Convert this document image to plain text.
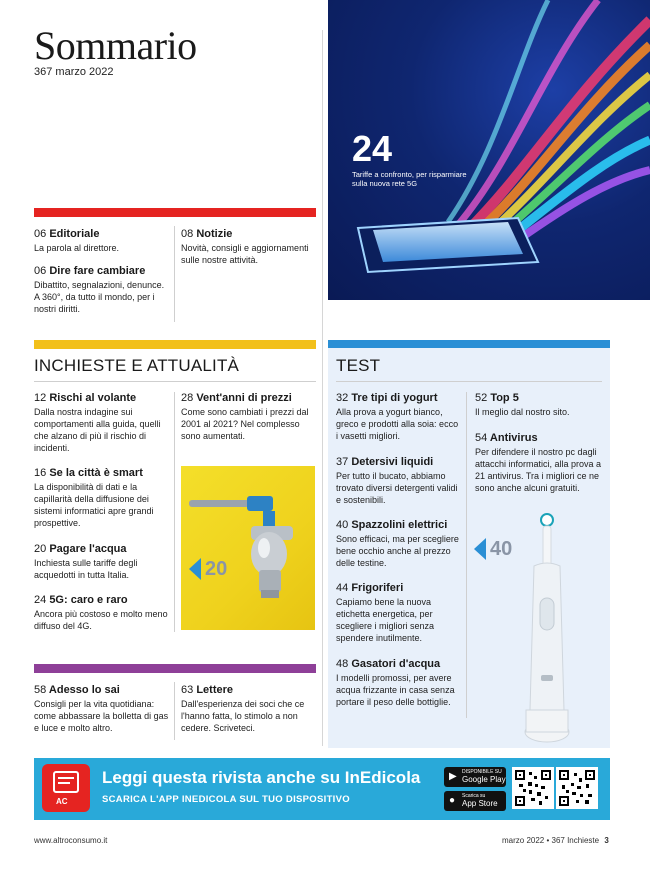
Sommario
367 marzo 2022
24
Tariffe a confronto, per risparmiare sulla nuova rete 5G
06 Editoriale
La parola al direttore.
06 Dire fare cambiare
Dibattito, segnalazioni, denunce. A 360°, da tutto il mondo, per i nostri diritti.
08 Notizie
Novità, consigli e aggiornamenti sulle nostre attività.
INCHIESTE E ATTUALITÀ
12 Rischi al volante
Dalla nostra indagine sui comportamenti alla guida, quelli che alzano di più il rischio di incidenti.
16 Se la città è smart
La disponibilità di dati e la capillarità della diffusione dei sistemi informatici apre grandi prospettive.
20 Pagare l'acqua
Inchiesta sulle tariffe degli acquedotti in tutta Italia.
24 5G: caro e raro
Ancora più costoso e molto meno diffuso del 4G.
28 Vent'anni di prezzi
Come sono cambiati i prezzi dal 2001 al 2021? Nel complesso sono aumentati.
20
TEST
32 Tre tipi di yogurt
Alla prova a yogurt bianco, greco e prodotti alla soia: ecco i vasetti migliori.
37 Detersivi liquidi
Per tutto il bucato, abbiamo trovato diversi detergenti validi e sostenibili.
40 Spazzolini elettrici
Sono efficaci, ma per scegliere bene occhio anche al prezzo delle testine.
44 Frigoriferi
Capiamo bene la nuova etichetta energetica, per scegliere i migliori senza spendere inutilmente.
48 Gasatori d'acqua
I modelli promossi, per avere acqua frizzante in casa senza portare il peso delle bottiglie.
52 Top 5
Il meglio dal nostro sito.
54 Antivirus
Per difendere il nostro pc dagli attacchi informatici, alla prova a 21 antivirus. Tra i migliori ce ne sono anche alcuni gratuiti.
40
58 Adesso lo sai
Consigli per la vita quotidiana: come abbassare la bolletta di gas e luce e molto altro.
63 Lettere
Dall'esperienza dei soci che ce l'hanno fatta, lo stimolo a non cedere. Scriveteci.
AC
Leggi questa rivista anche su InEdicola
SCARICA L'APP INEDICOLA SUL TUO DISPOSITIVO
▶ DISPONIBILE SU
Google Play
● Scarica su
App Store
www.altroconsumo.it	marzo 2022 • 367 Inchieste 3
